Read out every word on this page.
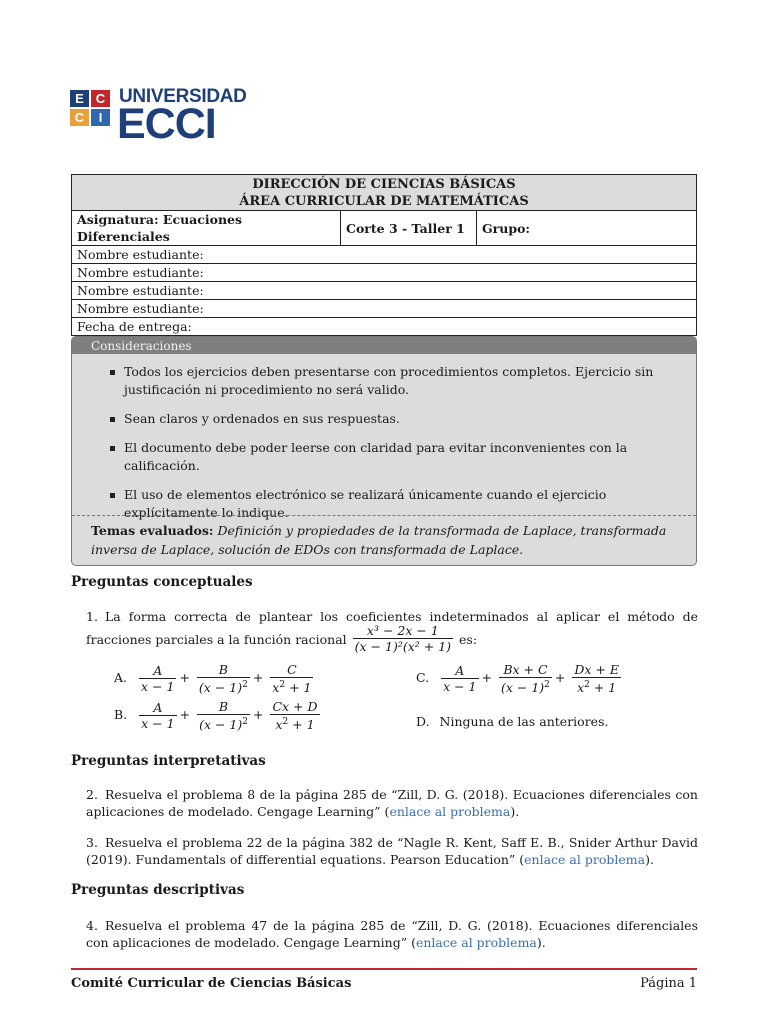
E C
C	I
UNIVERSIDAD
ECCI
DIRECCIÓN DE CIENCIAS BÁSICAS
ÁREA CURRICULAR DE MATEMÁTICAS

Asignatura: Ecuaciones Diferenciales	Corte 3 - Taller 1	Grupo:
Nombre estudiante:
Nombre estudiante:
Nombre estudiante:
Nombre estudiante:
Fecha de entrega:
Consideraciones
Todos los ejercicios deben presentarse con procedimientos completos. Ejercicio sin justificación ni procedimiento no será valido.
Sean claros y ordenados en sus respuestas.
El documento debe poder leerse con claridad para evitar inconvenientes con la calificación.
El uso de elementos electrónico se realizará únicamente cuando el ejercicio explícitamente lo indique.
Temas evaluados: Definición y propiedades de la transformada de Laplace, transformada inversa de Laplace, solución de EDOs con transformada de Laplace.
Preguntas conceptuales
1. La forma correcta de plantear los coeficientes indeterminados al aplicar el método de fracciones parciales a la función racional $\frac{\text{x³ − 2x − 1}}{\text{(x − 1)²(x² + 1)}}$ es:
A. $\frac{A}{x - 1} + \frac{B}{(x - 1)^2} + \frac{C}{x^2 + 1}$	C. $\frac{A}{x - 1} + \frac{Bx + C}{(x - 1)^2} + \frac{Dx + E}{x^2 + 1}$
B. $\frac{A}{x - 1} + \frac{B}{(x - 1)^2} + \frac{Cx + D}{x^2 + 1}$	D. Ninguna de las anteriores.
Preguntas interpretativas
2. Resuelva el problema 8 de la página 285 de “Zill, D. G. (2018). Ecuaciones diferenciales con aplicaciones de modelado. Cengage Learning” (enlace al problema).
3. Resuelva el problema 22 de la página 382 de “Nagle R. Kent, Saff E. B., Snider Arthur David (2019). Fundamentals of differential equations. Pearson Education” (enlace al problema).
Preguntas descriptivas
4. Resuelva el problema 47 de la página 285 de “Zill, D. G. (2018). Ecuaciones diferenciales con aplicaciones de modelado. Cengage Learning” (enlace al problema).
Comité Curricular de Ciencias Básicas	Página 1
